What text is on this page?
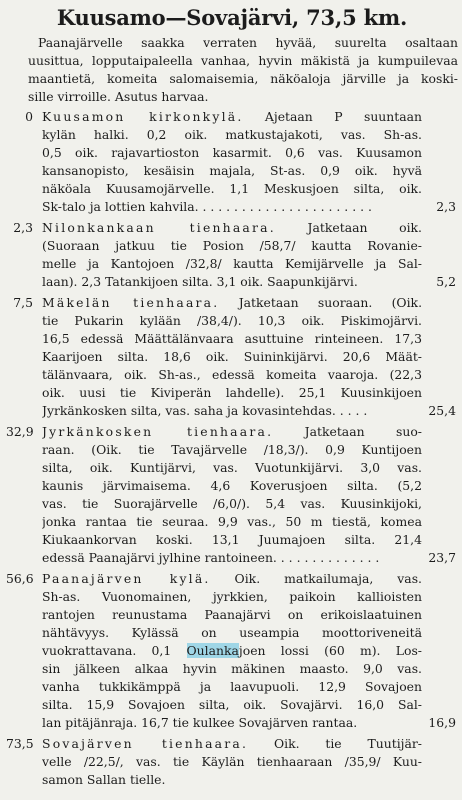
Kuusamo—Sovajärvi, 73,5 km.
Paanajärvelle saakka verraten hyvää, suurelta osaltaan
uusittua, lopputaipaleella vanhaa, hyvin mäkistä ja kumpuilevaa
maantietä, komeita salomaisemia, näköaloja järville ja koski-
sille virroille. Asutus harvaa.
0 Kuusamon kirkonkylä. Ajetaan P suuntaan
kylän halki. 0,2 oik. matkustajakoti, vas. Sh-as.
0,5 oik. rajavartioston kasarmit. 0,6 vas. Kuusamon
kansanopisto, kesäisin majala, St-as. 0,9 oik. hyvä
näköala Kuusamojärvelle. 1,1 Meskusjoen silta, oik.
Sk-talo ja lottien kahvila. . . . . . . . . . . . . . . . . . . . . . .	2,3
2,3 Nilonkankaan tienhaara. Jatketaan oik.
(Suoraan jatkuu tie Posion /58,7/ kautta Rovanie-
melle ja Kantojoen /32,8/ kautta Kemijärvelle ja Sal-
laan). 2,3 Tatankijoen silta. 3,1 oik. Saapunkijärvi.	5,2
7,5 Mäkelän tienhaara. Jatketaan suoraan. (Oik.
tie Pukarin kylään /38,4/). 10,3 oik. Piskimojärvi.
16,5 edessä Määttälänvaara asuttuine rinteineen. 17,3
Kaarijoen silta. 18,6 oik. Suininkijärvi. 20,6 Määt-
tälänvaara, oik. Sh-as., edessä komeita vaaroja. (22,3
oik. uusi tie Kiviperän lahdelle). 25,1 Kuusinkijoen
Jyrkänkosken silta, vas. saha ja kovasintehdas. . . . .	25,4
32,9 Jyrkänkosken tienhaara. Jatketaan suo-
raan. (Oik. tie Tavajärvelle /18,3/). 0,9 Kuntijoen
silta, oik. Kuntijärvi, vas. Vuotunkijärvi. 3,0 vas.
kaunis järvimaisema. 4,6 Koverusjoen silta. (5,2
vas. tie Suorajärvelle /6,0/). 5,4 vas. Kuusinkijoki,
jonka rantaa tie seuraa. 9,9 vas., 50 m tiestä, komea
Kiukaankorvan koski. 13,1 Juumajoen silta. 21,4
edessä Paanajärvi jylhine rantoineen. . . . . . . . . . . . . .	23,7
56,6 Paanajärven kylä. Oik. matkailumaja, vas.
Sh-as. Vuonomainen, jyrkkien, paikoin kallioisten
rantojen reunustama Paanajärvi on erikoislaatuinen
nähtävyys. Kylässä on useampia moottoriveneitä
vuokrattavana. 0,1 Oulankajoen lossi (60 m). Los-
sin jälkeen alkaa hyvin mäkinen maasto. 9,0 vas.
vanha tukkikämppä ja laavupuoli. 12,9 Sovajoen
silta. 15,9 Sovajoen silta, oik. Sovajärvi. 16,0 Sal-
lan pitäjänraja. 16,7 tie kulkee Sovajärven rantaa.	16,9
73,5 Sovajärven tienhaara. Oik. tie Tuutijär-
velle /22,5/, vas. tie Käylän tienhaaraan /35,9/ Kuu-
samon Sallan tielle.
